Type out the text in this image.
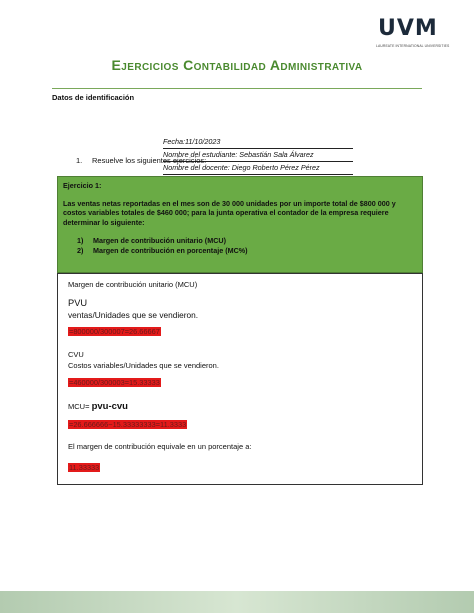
UVM
LAUREATE INTERNATIONAL UNIVERSITIES
Ejercicios Contabilidad Administrativa
Datos de identificación
Fecha:11/10/2023
Nombre del estudiante: Sebastián Sala Álvarez
Nombre del docente: Diego Roberto Pérez Pérez
1. Resuelve los siguientes ejercicios:
Ejercicio 1:
Las ventas netas reportadas en el mes son de 30 000 unidades por un importe total de $800 000 y costos variables totales de $460 000; para la junta operativa el contador de la empresa requiere determinar lo siguiente:
1) Margen de contribución unitario (MCU)
2) Margen de contribución en porcentaje (MC%)
Margen de contribución unitario (MCU)
PVU
ventas/Unidades que se vendieron.
=800000/300007=26.66667
CVU
Costos variables/Unidades que se vendieron.
=460000/300003=15.33333
MCU= pvu-cvu
=26.666666−15.33333333=11.3333
El margen de contribución equivale en un porcentaje a:
11.33333
